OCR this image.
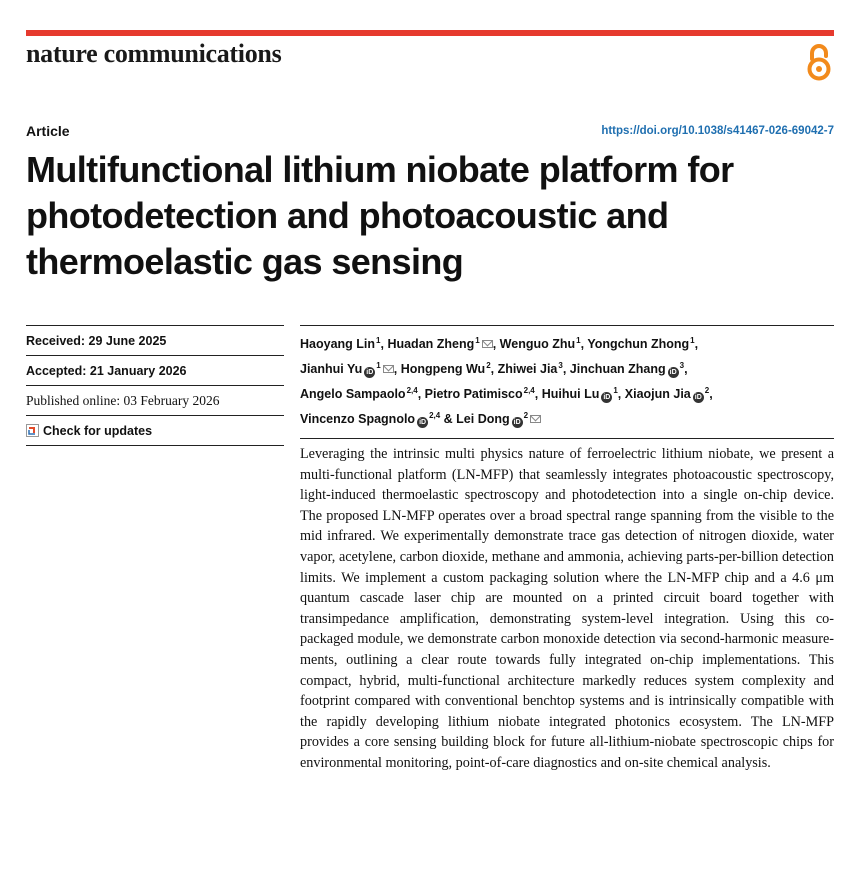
nature communications
Article	https://doi.org/10.1038/s41467-026-69042-7
Multifunctional lithium niobate platform for photodetection and photoacoustic and thermoelastic gas sensing
Received: 29 June 2025
Accepted: 21 January 2026
Published online: 03 February 2026
Check for updates
Haoyang Lin$^1$, Huadan Zheng$^1$ , Wenguo Zhu$^1$, Yongchun Zhong$^1$,
Jianhui Yu $iD^1$ , Hongpeng Wu$^2$, Zhiwei Jia$^3$, Jinchuan Zhang $iD^3$,
Angelo Sampaolo$^{2,4}$, Pietro Patimisco$^{2,4}$, Huihui Lu $iD^1$, Xiaojun Jia $iD^2$,
Vincenzo Spagnolo iD$^{2,4}$ & Lei Dong $iD^2$

Leveraging the intrinsic multi physics nature of ferroelectric lithium niobate, we present a multi-functional platform (LN-MFP) that seamlessly integrates photoacoustic spectroscopy, light-induced thermoelastic spectroscopy and photodetection into a single on-chip device. The proposed LN-MFP operates over a broad spectral range spanning from the visible to the mid infrared. We experimentally demonstrate trace gas detection of nitrogen dioxide, water vapor, acetylene, carbon dioxide, methane and ammonia, achieving parts-per-billion detection limits. We implement a custom packaging solution where the LN-MFP chip and a 4.6 μm quantum cascade laser chip are mounted on a printed circuit board together with transimpedance amplification, demonstrating system-level integration. Using this co-packaged module, we demonstrate carbon monoxide detection via second-harmonic measurements, outlining a clear route towards fully integrated on-chip implementations. This compact, hybrid, multi-functional architecture markedly reduces system complexity and footprint compared with conventional benchtop systems and is intrinsically compatible with the rapidly developing lithium niobate integrated photonics ecosystem. The LN-MFP provides a core sensing building block for future all-lithium-niobate spectroscopic chips for environmental monitoring, point-of-care diagnostics and on-site chemical analysis.
